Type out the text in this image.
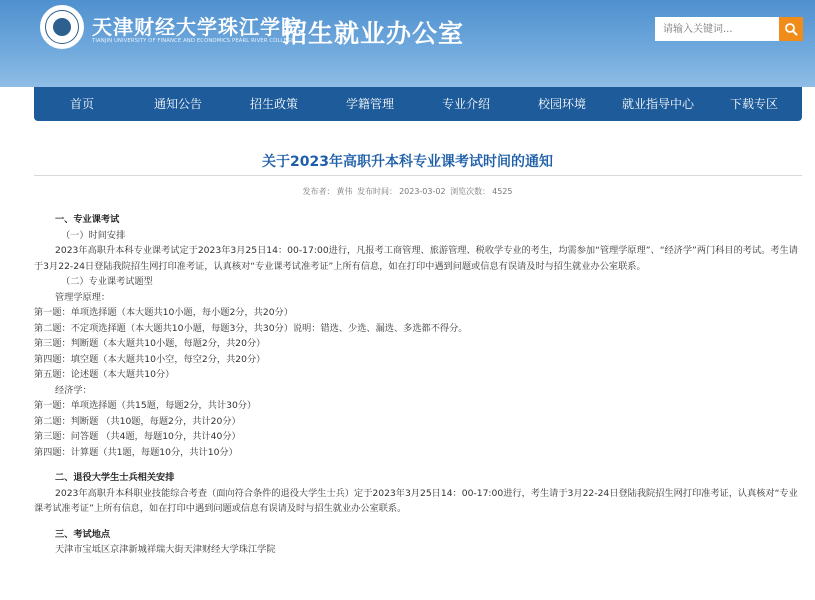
天津财经大学珠江学院
TIANJIN UNIVERSITY OF FINANCE AND ECONOMICS PEARL RIVER COLLEGE
招生就业办公室
请输入关键词...
首页	通知公告	招生政策	学籍管理	专业介绍	校园环境	就业指导中心	下载专区
关于2023年高职升本科专业课考试时间的通知
发布者： 黄伟 发布时间： 2023-03-02 浏览次数： 4525

一、专业课考试

（一）时间安排

2023年高职升本科专业课考试定于2023年3月25日14：00-17:00进行，凡报考工商管理、旅游管理、税收学专业的考生，均需参加“管理学原理”、“经济学”两门科目的考试。考生请于3月22-24日登陆我院招生网打印准考证，认真核对“专业课考试准考证”上所有信息，如在打印中遇到问题或信息有误请及时与招生就业办公室联系。

（二）专业课考试题型

管理学原理：

第一题：单项选择题（本大题共10小题，每小题2分，共20分）

第二题：不定项选择题（本大题共10小题，每题3分，共30分）说明：错选、少选、漏选、多选都不得分。

第三题：判断题（本大题共10小题，每题2分，共20分）

第四题：填空题（本大题共10小空，每空2分，共20分）

第五题：论述题（本大题共10分）

经济学：

第一题：单项选择题（共15题，每题2分，共计30分）

第二题：判断题 （共10题，每题2分，共计20分）

第三题：问答题 （共4题，每题10分，共计40分）

第四题：计算题（共1题，每题10分，共计10分）

二、退役大学生士兵相关安排

2023年高职升本科职业技能综合考查（面向符合条件的退役大学生士兵）定于2023年3月25日14：00-17:00进行，考生请于3月22-24日登陆我院招生网打印准考证，认真核对“专业课考试准考证”上所有信息，如在打印中遇到问题或信息有误请及时与招生就业办公室联系。

三、考试地点

天津市宝坻区京津新城祥瑞大街天津财经大学珠江学院
